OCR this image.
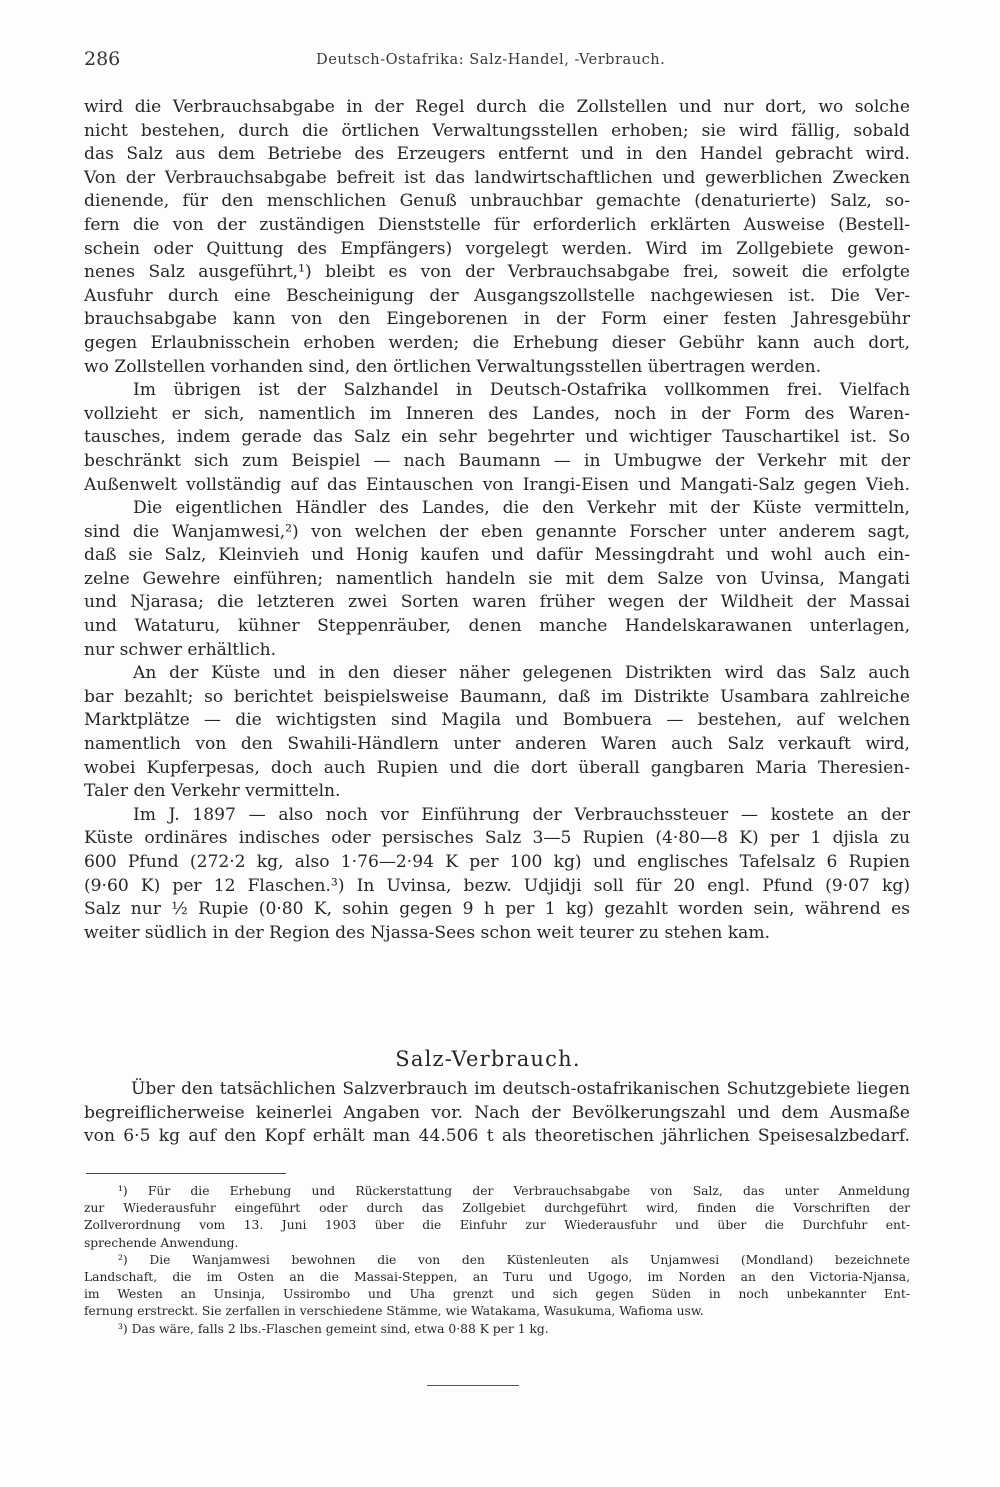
286	Deutsch-Ostafrika: Salz-Handel, -Verbrauch.
wird die Verbrauchsabgabe in der Regel durch die Zollstellen und nur dort, wo solche
nicht bestehen, durch die örtlichen Verwaltungsstellen erhoben; sie wird fällig, sobald
das Salz aus dem Betriebe des Erzeugers entfernt und in den Handel gebracht wird.
Von der Verbrauchsabgabe befreit ist das landwirtschaftlichen und gewerblichen Zwecken
dienende, für den menschlichen Genuß unbrauchbar gemachte (denaturierte) Salz, so-
fern die von der zuständigen Dienststelle für erforderlich erklärten Ausweise (Bestell-
schein oder Quittung des Empfängers) vorgelegt werden. Wird im Zollgebiete gewon-
nenes Salz ausgeführt,¹) bleibt es von der Verbrauchsabgabe frei, soweit die erfolgte
Ausfuhr durch eine Bescheinigung der Ausgangszollstelle nachgewiesen ist. Die Ver-
brauchsabgabe kann von den Eingeborenen in der Form einer festen Jahresgebühr
gegen Erlaubnisschein erhoben werden; die Erhebung dieser Gebühr kann auch dort,
wo Zollstellen vorhanden sind, den örtlichen Verwaltungsstellen übertragen werden.
Im übrigen ist der Salzhandel in Deutsch-Ostafrika vollkommen frei. Vielfach
vollzieht er sich, namentlich im Inneren des Landes, noch in der Form des Waren-
tausches, indem gerade das Salz ein sehr begehrter und wichtiger Tauschartikel ist. So
beschränkt sich zum Beispiel — nach Baumann — in Umbugwe der Verkehr mit der
Außenwelt vollständig auf das Eintauschen von Irangi-Eisen und Mangati-Salz gegen Vieh.
Die eigentlichen Händler des Landes, die den Verkehr mit der Küste vermitteln,
sind die Wanjamwesi,²) von welchen der eben genannte Forscher unter anderem sagt,
daß sie Salz, Kleinvieh und Honig kaufen und dafür Messingdraht und wohl auch ein-
zelne Gewehre einführen; namentlich handeln sie mit dem Salze von Uvinsa, Mangati
und Njarasa; die letzteren zwei Sorten waren früher wegen der Wildheit der Massai
und Wataturu, kühner Steppenräuber, denen manche Handelskarawanen unterlagen,
nur schwer erhältlich.
An der Küste und in den dieser näher gelegenen Distrikten wird das Salz auch
bar bezahlt; so berichtet beispielsweise Baumann, daß im Distrikte Usambara zahlreiche
Marktplätze — die wichtigsten sind Magila und Bombuera — bestehen, auf welchen
namentlich von den Swahili-Händlern unter anderen Waren auch Salz verkauft wird,
wobei Kupferpesas, doch auch Rupien und die dort überall gangbaren Maria Theresien-
Taler den Verkehr vermitteln.
Im J. 1897 — also noch vor Einführung der Verbrauchssteuer — kostete an der
Küste ordinäres indisches oder persisches Salz 3—5 Rupien (4·80—8 K) per 1 djisla zu
600 Pfund (272·2 kg, also 1·76—2·94 K per 100 kg) und englisches Tafelsalz 6 Rupien
(9·60 K) per 12 Flaschen.³) In Uvinsa, bezw. Udjidji soll für 20 engl. Pfund (9·07 kg)
Salz nur ½ Rupie (0·80 K, sohin gegen 9 h per 1 kg) gezahlt worden sein, während es
weiter südlich in der Region des Njassa-Sees schon weit teurer zu stehen kam.
Salz-Verbrauch.
Über den tatsächlichen Salzverbrauch im deutsch-ostafrikanischen Schutzgebiete liegen
begreiflicherweise keinerlei Angaben vor. Nach der Bevölkerungszahl und dem Ausmaße
von 6·5 kg auf den Kopf erhält man 44.506 t als theoretischen jährlichen Speisesalzbedarf.
¹) Für die Erhebung und Rückerstattung der Verbrauchsabgabe von Salz, das unter Anmeldung
zur Wiederausfuhr eingeführt oder durch das Zollgebiet durchgeführt wird, finden die Vorschriften der
Zollverordnung vom 13. Juni 1903 über die Einfuhr zur Wiederausfuhr und über die Durchfuhr ent-
sprechende Anwendung.
²) Die Wanjamwesi bewohnen die von den Küstenleuten als Unjamwesi (Mondland) bezeichnete
Landschaft, die im Osten an die Massai-Steppen, an Turu und Ugogo, im Norden an den Victoria-Njansa,
im Westen an Unsinja, Ussirombo und Uha grenzt und sich gegen Süden in noch unbekannter Ent-
fernung erstreckt. Sie zerfallen in verschiedene Stämme, wie Watakama, Wasukuma, Wafioma usw.
³) Das wäre, falls 2 lbs.-Flaschen gemeint sind, etwa 0·88 K per 1 kg.
